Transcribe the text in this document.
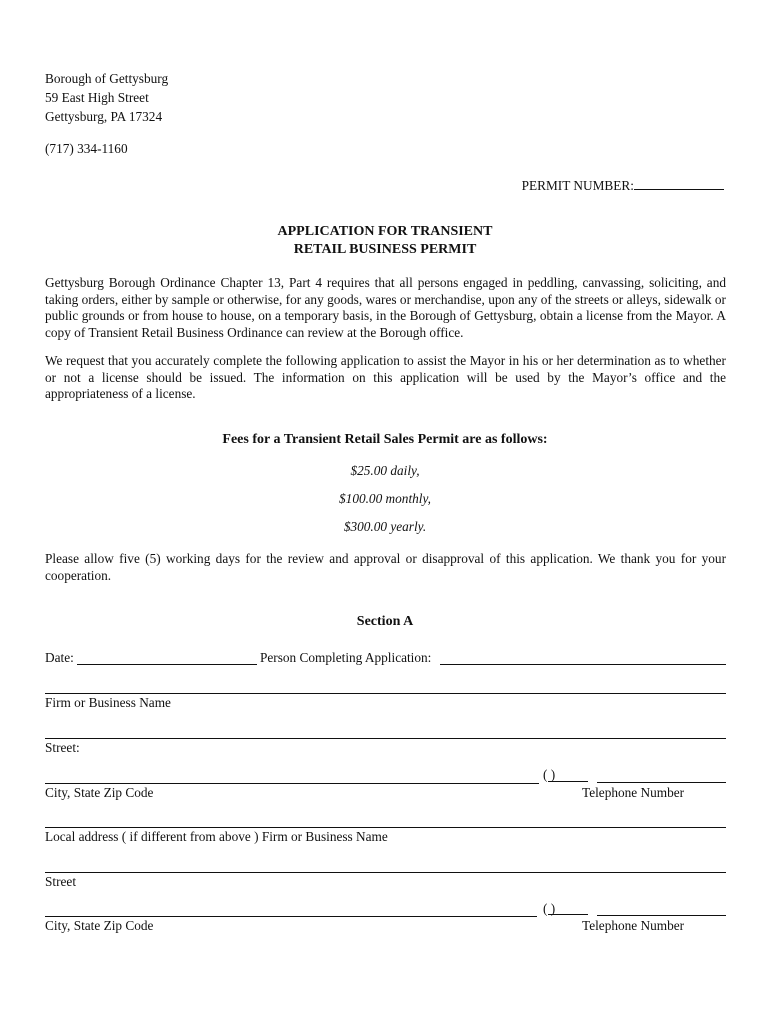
Borough of Gettysburg
59 East High Street
Gettysburg, PA 17324
(717) 334-1160
PERMIT NUMBER:
APPLICATION FOR TRANSIENT
RETAIL BUSINESS PERMIT
Gettysburg Borough Ordinance Chapter 13, Part 4 requires that all persons engaged in peddling, canvassing, soliciting, and taking orders, either by sample or otherwise, for any goods, wares or merchandise, upon any of the streets or alleys, sidewalk or public grounds or from house to house, on a temporary basis, in the Borough of Gettysburg, obtain a license from the Mayor. A copy of Transient Retail Business Ordinance can review at the Borough office.
We request that you accurately complete the following application to assist the Mayor in his or her determination as to whether or not a license should be issued. The information on this application will be used by the Mayor’s office and the appropriateness of a license.
Fees for a Transient Retail Sales Permit are as follows:
$25.00 daily,
$100.00 monthly,
$300.00 yearly.
Please allow five (5) working days for the review and approval or disapproval of this application. We thank you for your cooperation.
Section A
Date:	Person Completing Application:
Firm or Business Name
Street:
( )
City, State Zip Code	Telephone Number
Local address ( if different from above ) Firm or Business Name
Street
( )
City, State Zip Code	Telephone Number
